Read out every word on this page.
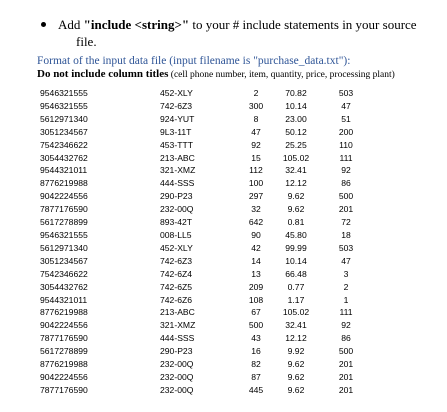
Add "include <string>" to your # include statements in your source
file.
Format of the input data file (input filename is "purchase_data.txt"):
Do not include column titles (cell phone number, item, quantity, price, processing plant)
9546321555	452-XLY	2	70.82	503
9546321555	742-6Z3	300	10.14	47
5612971340	924-YUT	8	23.00	51
3051234567	9L3-11T	47	50.12	200
7542346622	453-TTT	92	25.25	110
3054432762	213-ABC	15	105.02	111
9544321011	321-XMZ	112	32.41	92
8776219988	444-SSS	100	12.12	86
9042224556	290-P23	297	9.62	500
7877176590	232-00Q	32	9.62	201
5617278899	893-42T	642	0.81	72
9546321555	008-LL5	90	45.80	18
5612971340	452-XLY	42	99.99	503
3051234567	742-6Z3	14	10.14	47
7542346622	742-6Z4	13	66.48	3
3054432762	742-6Z5	209	0.77	2
9544321011	742-6Z6	108	1.17	1
8776219988	213-ABC	67	105.02	111
9042224556	321-XMZ	500	32.41	92
7877176590	444-SSS	43	12.12	86
5617278899	290-P23	16	9.92	500
8776219988	232-00Q	82	9.62	201
9042224556	232-00Q	87	9.62	201
7877176590	232-00Q	445	9.62	201
